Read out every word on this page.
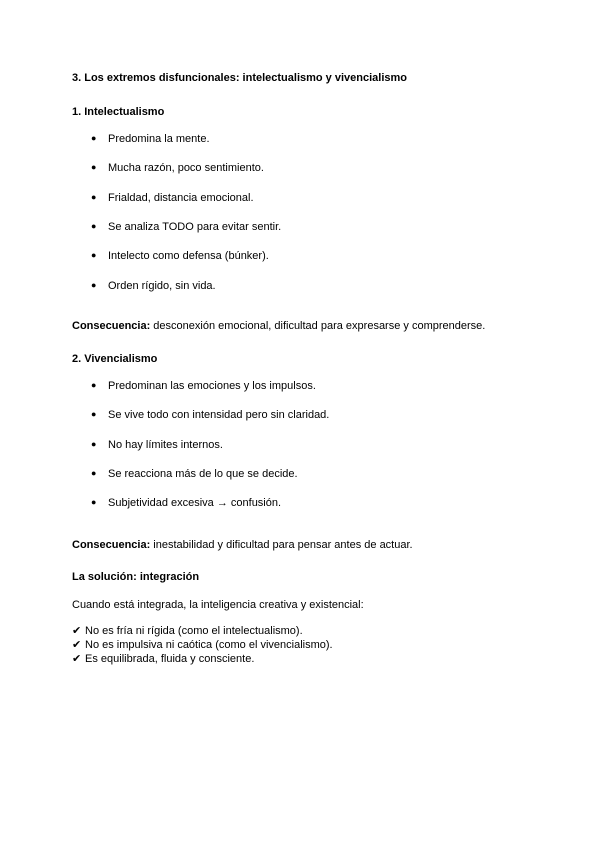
3. Los extremos disfuncionales: intelectualismo y vivencialismo
1. Intelectualismo
● Predomina la mente.
● Mucha razón, poco sentimiento.
● Frialdad, distancia emocional.
● Se analiza TODO para evitar sentir.
● Intelecto como defensa (búnker).
● Orden rígido, sin vida.
Consecuencia: desconexión emocional, dificultad para expresarse y comprenderse.
2. Vivencialismo
● Predominan las emociones y los impulsos.
● Se vive todo con intensidad pero sin claridad.
● No hay límites internos.
● Se reacciona más de lo que se decide.
● Subjetividad excesiva → confusión.
Consecuencia: inestabilidad y dificultad para pensar antes de actuar.
La solución: integración
Cuando está integrada, la inteligencia creativa y existencial:
✔ No es fría ni rígida (como el intelectualismo).
✔ No es impulsiva ni caótica (como el vivencialismo).
✔ Es equilibrada, fluida y consciente.
